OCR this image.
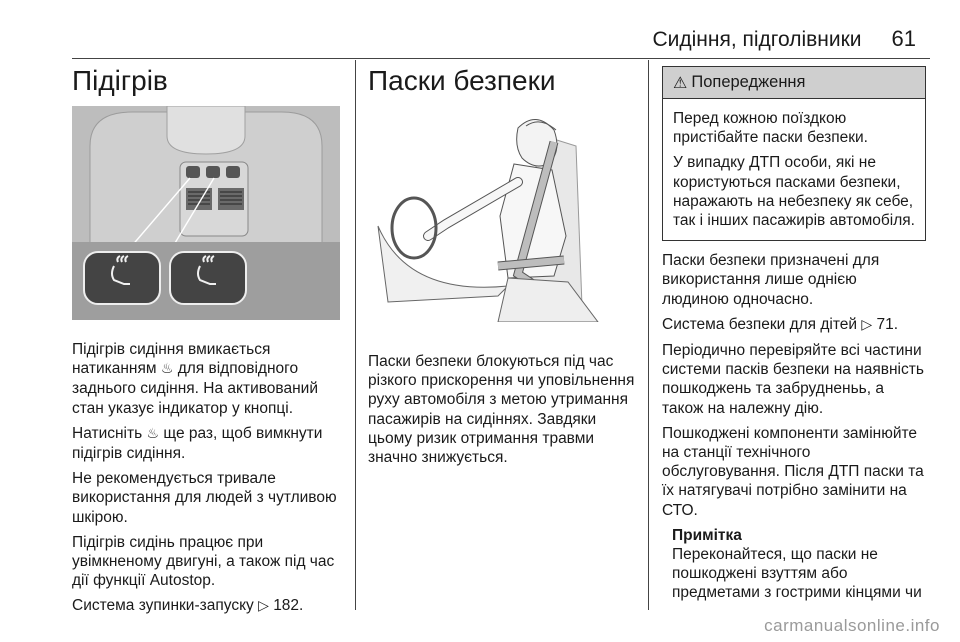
Сидіння, підголівники 61
Підігрів

Підігрів сидіння вмикається натиканням ♨ для відповідного заднього сидіння. На активований стан указує індикатор у кнопці.

Натисніть ♨ ще раз, щоб вимкнути підігрів сидіння.

Не рекомендується тривале використання для людей з чутливою шкірою.

Підігрів сидінь працює при увімкненому двигуні, а також під час дії функції Autostop.

Система зупинки-запуску ▷ 182.

Паски безпеки

Паски безпеки блокуються під час різкого прискорення чи уповільнення руху автомобіля з метою утримання пасажирів на сидіннях. Завдяки цьому ризик отримання травми значно знижується.

⚠ Попередження

Перед кожною поїздкою пристібайте паски безпеки.

У випадку ДТП особи, які не користуються пасками безпеки, наражають на небезпеку як себе, так і інших пасажирів автомобіля.

Паски безпеки призначені для використання лише однією людиною одночасно.

Система безпеки для дітей ▷ 71.

Періодично перевіряйте всі частини системи пасків безпеки на наявність пошкоджень та забрудненьь, а також на належну дію.

Пошкоджені компоненти замінюйте на станції технічного обслуговування. Після ДТП паски та їх натягувачі потрібно замінити на СТО.

Примітка

Переконайтеся, що паски не пошкоджені взуттям або предметами з гострими кінцями чи

carmanualsonline.info
